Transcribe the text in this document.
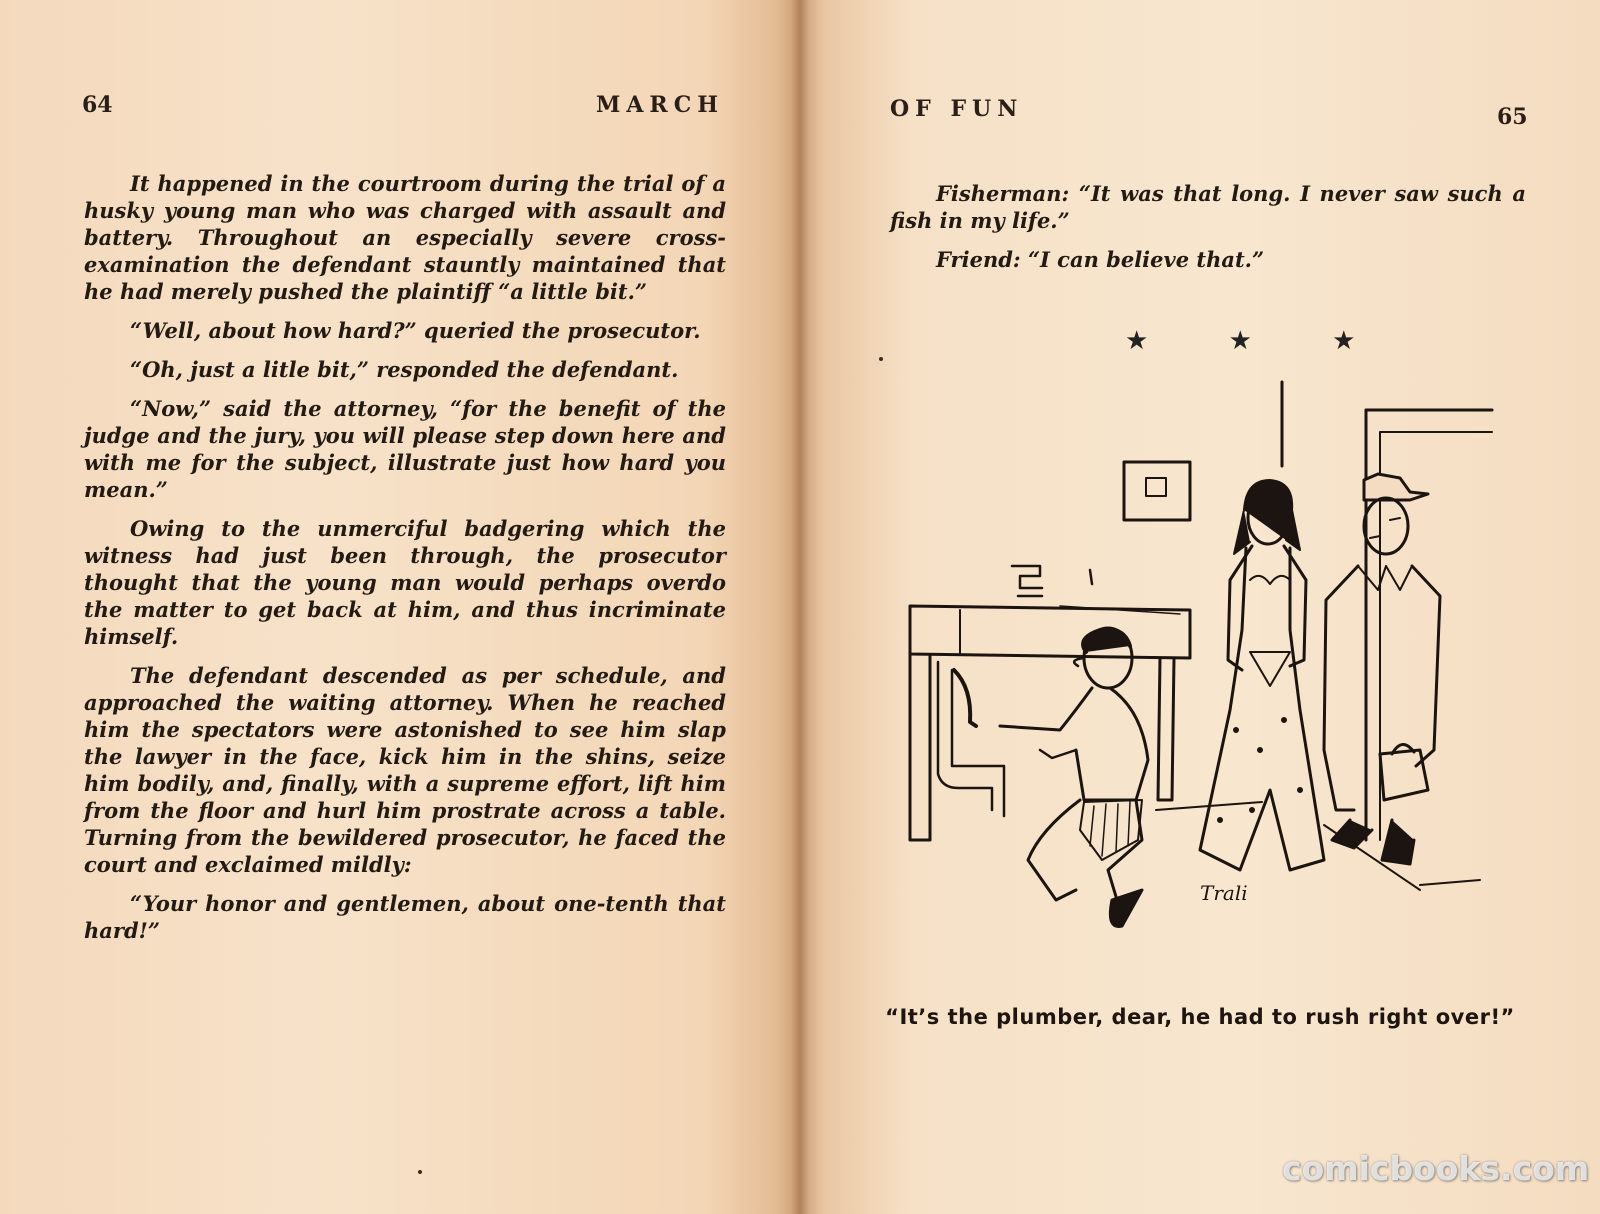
64	MARCH

It happened in the courtroom during the trial of a husky young man who was charged with assault and battery. Throughout an especially severe cross-examination the defendant stauntly maintained that he had merely pushed the plaintiff “a little bit.”

“Well, about how hard?” queried the prosecutor.

“Oh, just a litle bit,” responded the defendant.

“Now,” said the attorney, “for the benefit of the judge and the jury, you will please step down here and with me for the subject, illustrate just how hard you mean.”

Owing to the unmerciful badgering which the witness had just been through, the prosecutor thought that the young man would perhaps overdo the matter to get back at him, and thus incriminate himself.

The defendant descended as per schedule, and approached the waiting attorney. When he reached him the spectators were astonished to see him slap the lawyer in the face, kick him in the shins, seize him bodily, and, finally, with a supreme effort, lift him from the floor and hurl him prostrate across a table. Turning from the bewildered prosecutor, he faced the court and exclaimed mildly:

“Your honor and gentlemen, about one-tenth that hard!”

OF FUN	65

Fisherman: “It was that long. I never saw such a fish in my life.”

Friend: “I can believe that.”

★ ★ ★
Trali
“It’s the plumber, dear, he had to rush right over!”
comicbooks.com
